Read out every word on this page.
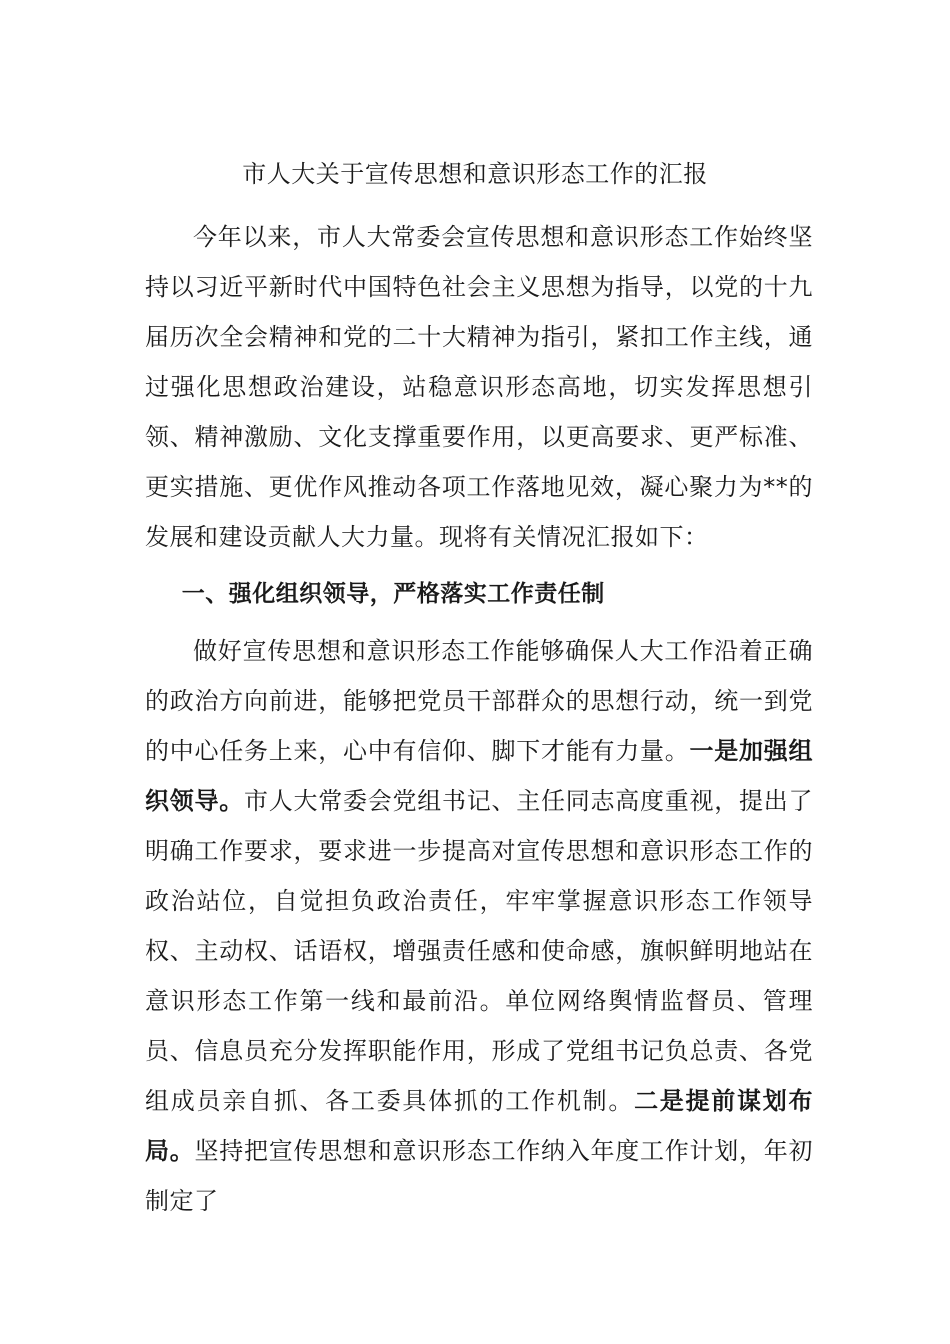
市人大关于宣传思想和意识形态工作的汇报

今年以来，市人大常委会宣传思想和意识形态工作始终坚持以习近平新时代中国特色社会主义思想为指导，以党的十九届历次全会精神和党的二十大精神为指引，紧扣工作主线，通过强化思想政治建设，站稳意识形态高地，切实发挥思想引领、精神激励、文化支撑重要作用，以更高要求、更严标准、更实措施、更优作风推动各项工作落地见效，凝心聚力为**的发展和建设贡献人大力量。现将有关情况汇报如下：

一、强化组织领导，严格落实工作责任制

做好宣传思想和意识形态工作能够确保人大工作沿着正确的政治方向前进，能够把党员干部群众的思想行动，统一到党的中心任务上来，心中有信仰、脚下才能有力量。一是加强组织领导。市人大常委会党组书记、主任同志高度重视，提出了明确工作要求，要求进一步提高对宣传思想和意识形态工作的政治站位，自觉担负政治责任，牢牢掌握意识形态工作领导权、主动权、话语权，增强责任感和使命感，旗帜鲜明地站在意识形态工作第一线和最前沿。单位网络舆情监督员、管理员、信息员充分发挥职能作用，形成了党组书记负总责、各党组成员亲自抓、各工委具体抓的工作机制。二是提前谋划布局。坚持把宣传思想和意识形态工作纳入年度工作计划，年初制定了
